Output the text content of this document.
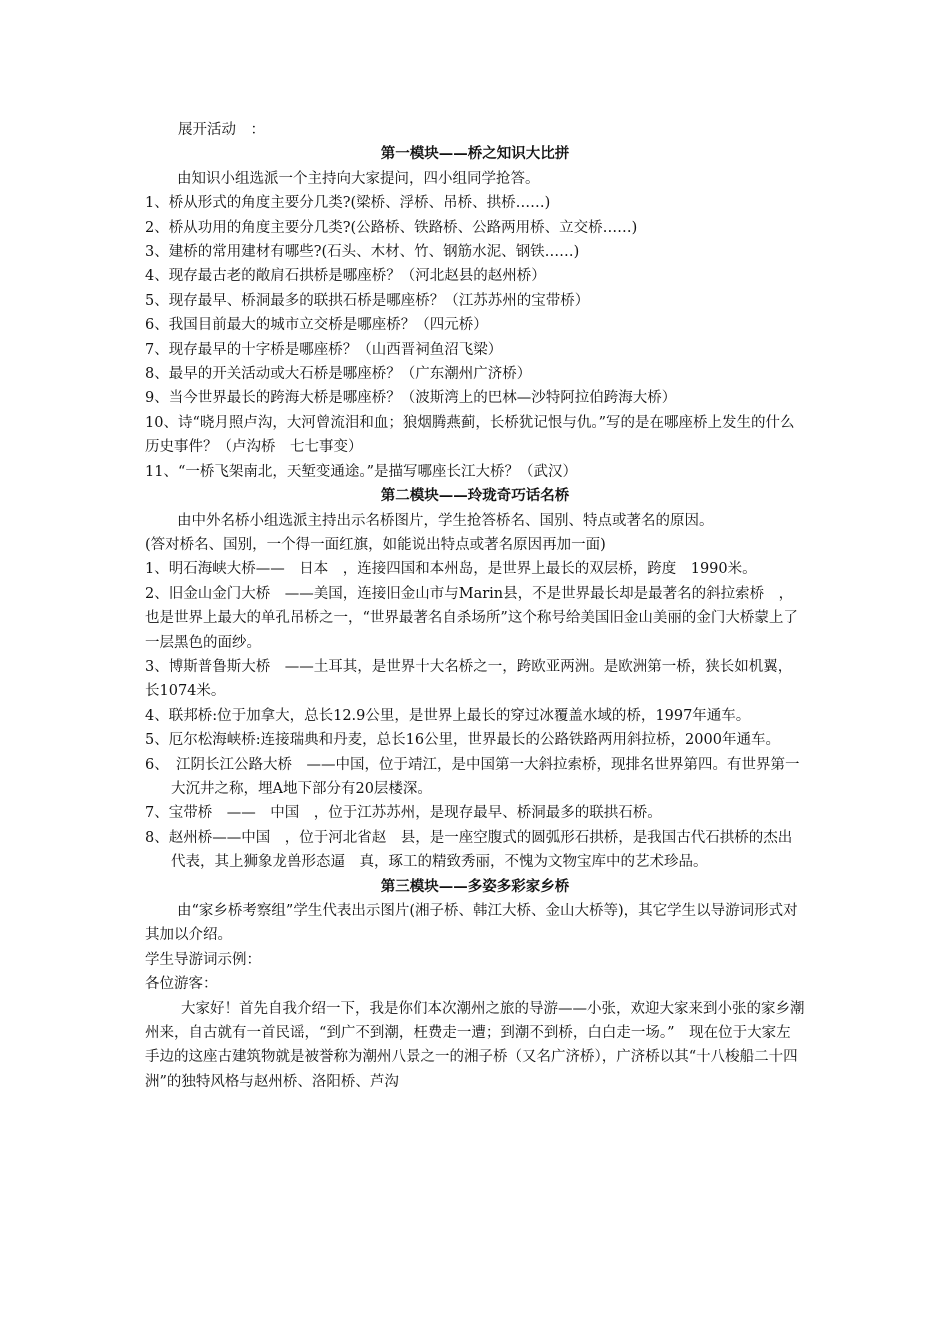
展开活动　：
第一模块——桥之知识大比拼
由知识小组选派一个主持向大家提问，四小组同学抢答。
1、桥从形式的角度主要分几类?(梁桥、浮桥、吊桥、拱桥……)
2、桥从功用的角度主要分几类?(公路桥、铁路桥、公路两用桥、立交桥……)
3、建桥的常用建材有哪些?(石头、木材、竹、钢筋水泥、钢铁……)
4、现存最古老的敞肩石拱桥是哪座桥？（河北赵县的赵州桥）
5、现存最早、桥洞最多的联拱石桥是哪座桥？（江苏苏州的宝带桥）
6、我国目前最大的城市立交桥是哪座桥？（四元桥）
7、现存最早的十字桥是哪座桥？（山西晋祠鱼沼飞梁）
8、最早的开关活动或大石桥是哪座桥？（广东潮州广济桥）
9、当今世界最长的跨海大桥是哪座桥？（波斯湾上的巴林—沙特阿拉伯跨海大桥）
10、诗“晓月照卢沟，大河曾流泪和血；狼烟腾燕蓟，长桥犹记恨与仇。”写的是在哪座桥上发生的什么历史事件？（卢沟桥　七七事变）
11、“一桥飞架南北，天堑变通途。”是描写哪座长江大桥？（武汉）
第二模块——玲珑奇巧话名桥
由中外名桥小组选派主持出示名桥图片，学生抢答桥名、国别、特点或著名的原因。
(答对桥名、国别，一个得一面红旗，如能说出特点或著名原因再加一面)
1、明石海峡大桥——　日本　，连接四国和本州岛，是世界上最长的双层桥，跨度　1990米。
2、旧金山金门大桥　——美国，连接旧金山市与Marin县，不是世界最长却是最著名的斜拉索桥　，也是世界上最大的单孔吊桥之一，“世界最著名自杀场所”这个称号给美国旧金山美丽的金门大桥蒙上了一层黑色的面纱。
3、博斯普鲁斯大桥　——土耳其，是世界十大名桥之一，跨欧亚两洲。是欧洲第一桥，狭长如机翼，长1074米。
4、联邦桥:位于加拿大，总长12.9公里，是世界上最长的穿过冰覆盖水域的桥，1997年通车。
5、厄尔松海峡桥:连接瑞典和丹麦，总长16公里，世界最长的公路铁路两用斜拉桥，2000年通车。
6、　江阴长江公路大桥　——中国，位于靖江，是中国第一大斜拉索桥，现排名世界第四。有世界第一大沉井之称，埋A地下部分有20层楼深。
7、宝带桥　——　中国　，位于江苏苏州，是现存最早、桥洞最多的联拱石桥。
8、赵州桥——中国　，位于河北省赵　县，是一座空腹式的圆弧形石拱桥，是我国古代石拱桥的杰出代表，其上狮象龙兽形态逼　真，琢工的精致秀丽，不愧为文物宝库中的艺术珍品。
第三模块——多姿多彩家乡桥
由“家乡桥考察组”学生代表出示图片(湘子桥、韩江大桥、金山大桥等)，其它学生以导游词形式对其加以介绍。
学生导游词示例：
各位游客：
大家好！首先自我介绍一下，我是你们本次潮州之旅的导游——小张，欢迎大家来到小张的家乡潮州来，自古就有一首民谣，“到广不到潮，枉费走一遭；到潮不到桥，白白走一场。”　现在位于大家左手边的这座古建筑物就是被誉称为潮州八景之一的湘子桥（又名广济桥），广济桥以其“十八梭船二十四洲”的独特风格与赵州桥、洛阳桥、芦沟
